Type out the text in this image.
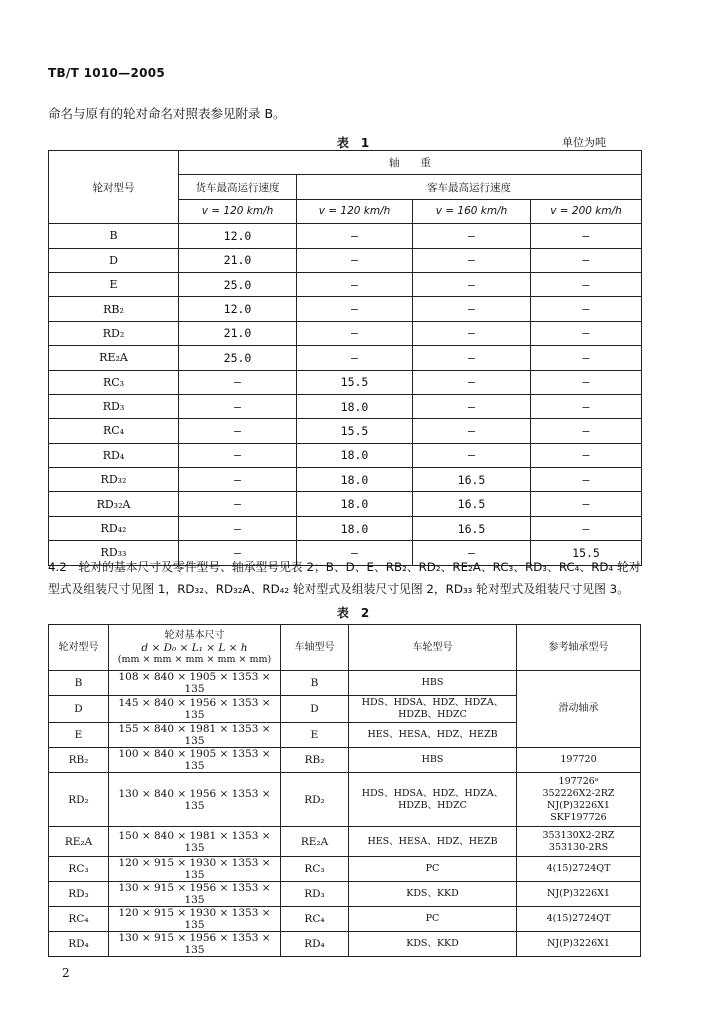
TB/T 1010—2005
命名与原有的轮对命名对照表参见附录 B。
表　1	单位为吨
轮对型号	轴　　重			
	货车最高运行速度	客车最高运行速度		
	v = 120 km/h	v = 120 km/h	v = 160 km/h	v = 200 km/h
B	12.0	—	—	—
D	21.0	—	—	—
E	25.0	—	—	—
RB₂	12.0	—	—	—
RD₂	21.0	—	—	—
RE₂A	25.0	—	—	—
RC₃	—	15.5	—	—
RD₃	—	18.0	—	—
RC₄	—	15.5	—	—
RD₄	—	18.0	—	—
RD₃₂	—	18.0	16.5	—
RD₃₂A	—	18.0	16.5	—
RD₄₂	—	18.0	16.5	—
RD₃₃	—	—	—	15.5
4.2　轮对的基本尺寸及零件型号、轴承型号见表 2；B、D、E、RB₂、RD₂、RE₂A、RC₃、RD₃、RC₄、RD₄ 轮对型式及组装尺寸见图 1，RD₃₂、RD₃₂A、RD₄₂ 轮对型式及组装尺寸见图 2，RD₃₃ 轮对型式及组装尺寸见图 3。
表　2
轮对型号	轮对基本尺寸
d × D₀ × L₁ × L × h
(mm × mm × mm × mm × mm)	车轴型号	车轮型号	参考轴承型号
B	108 × 840 × 1905 × 1353 × 135	B	HBS	滑动轴承
D	145 × 840 × 1956 × 1353 × 135	D	HDS、HDSA、HDZ、HDZA、HDZB、HDZC	
E	155 × 840 × 1981 × 1353 × 135	E	HES、HESA、HDZ、HEZB	
RB₂	100 × 840 × 1905 × 1353 × 135	RB₂	HBS	197720
RD₂	130 × 840 × 1956 × 1353 × 135	RD₂	HDS、HDSA、HDZ、HDZA、HDZB、HDZC	197726ᵃ
352226X2-2RZ
NJ(P)3226X1
SKF197726
RE₂A	150 × 840 × 1981 × 1353 × 135	RE₂A	HES、HESA、HDZ、HEZB	353130X2-2RZ
353130-2RS
RC₃	120 × 915 × 1930 × 1353 × 135	RC₃	PC	4(15)2724QT
RD₃	130 × 915 × 1956 × 1353 × 135	RD₃	KDS、KKD	NJ(P)3226X1
RC₄	120 × 915 × 1930 × 1353 × 135	RC₄	PC	4(15)2724QT
RD₄	130 × 915 × 1956 × 1353 × 135	RD₄	KDS、KKD	NJ(P)3226X1
2
